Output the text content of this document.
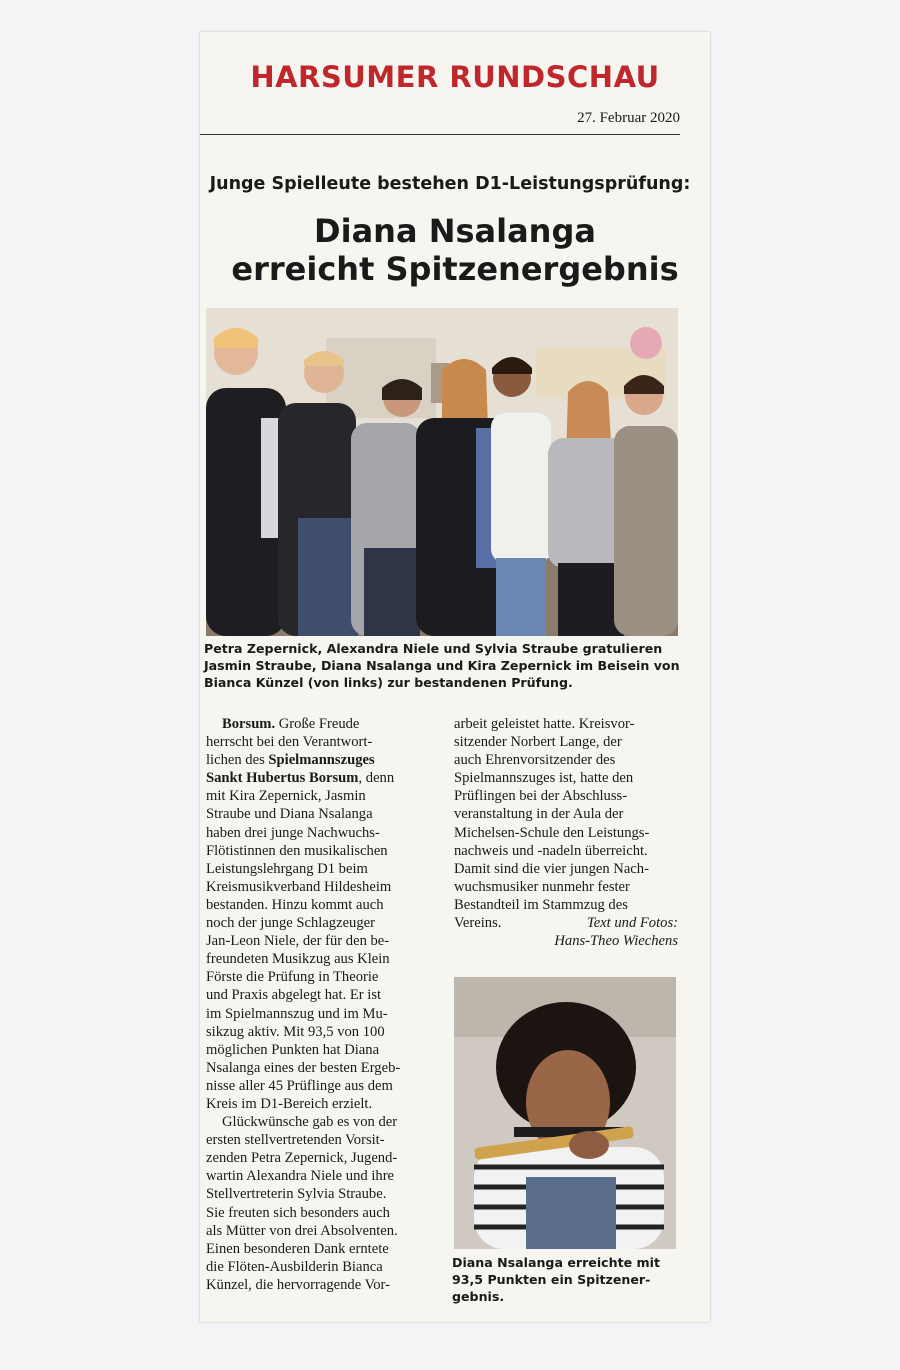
HARSUMER RUNDSCHAU
27. Februar 2020
Junge Spielleute bestehen D1-Leistungsprüfung:
Diana Nsalanga
erreicht Spitzenergebnis
Petra Zepernick, Alexandra Niele und Sylvia Straube gratulieren
Jasmin Straube, Diana Nsalanga und Kira Zepernick im Beisein von
Bianca Künzel (von links) zur bestandenen Prüfung.
Borsum. Große Freude
herrscht bei den Verantwort-
lichen des Spielmannszuges
Sankt Hubertus Borsum, denn
mit Kira Zepernick, Jasmin
Straube und Diana Nsalanga
haben drei junge Nachwuchs-
Flötistinnen den musikalischen
Leistungslehrgang D1 beim
Kreismusikverband Hildesheim
bestanden. Hinzu kommt auch
noch der junge Schlagzeuger
Jan-Leon Niele, der für den be-
freundeten Musikzug aus Klein
Förste die Prüfung in Theorie
und Praxis abgelegt hat. Er ist
im Spielmannszug und im Mu-
sikzug aktiv. Mit 93,5 von 100
möglichen Punkten hat Diana
Nsalanga eines der besten Ergeb-
nisse aller 45 Prüflinge aus dem
Kreis im D1-Bereich erzielt.
Glückwünsche gab es von der
ersten stellvertretenden Vorsit-
zenden Petra Zepernick, Jugend-
wartin Alexandra Niele und ihre
Stellvertreterin Sylvia Straube.
Sie freuten sich besonders auch
als Mütter von drei Absolventen.
Einen besonderen Dank erntete
die Flöten-Ausbilderin Bianca
Künzel, die hervorragende Vor-
arbeit geleistet hatte. Kreisvor-
sitzender Norbert Lange, der
auch Ehrenvorsitzender des
Spielmannszuges ist, hatte den
Prüflingen bei der Abschluss-
veranstaltung in der Aula der
Michelsen-Schule den Leistungs-
nachweis und -nadeln überreicht.
Damit sind die vier jungen Nach-
wuchsmusiker nunmehr fester
Bestandteil im Stammzug des
Vereins.	Text und Fotos:
Hans-Theo Wiechens
Diana Nsalanga erreichte mit
93,5 Punkten ein Spitzener-
gebnis.
